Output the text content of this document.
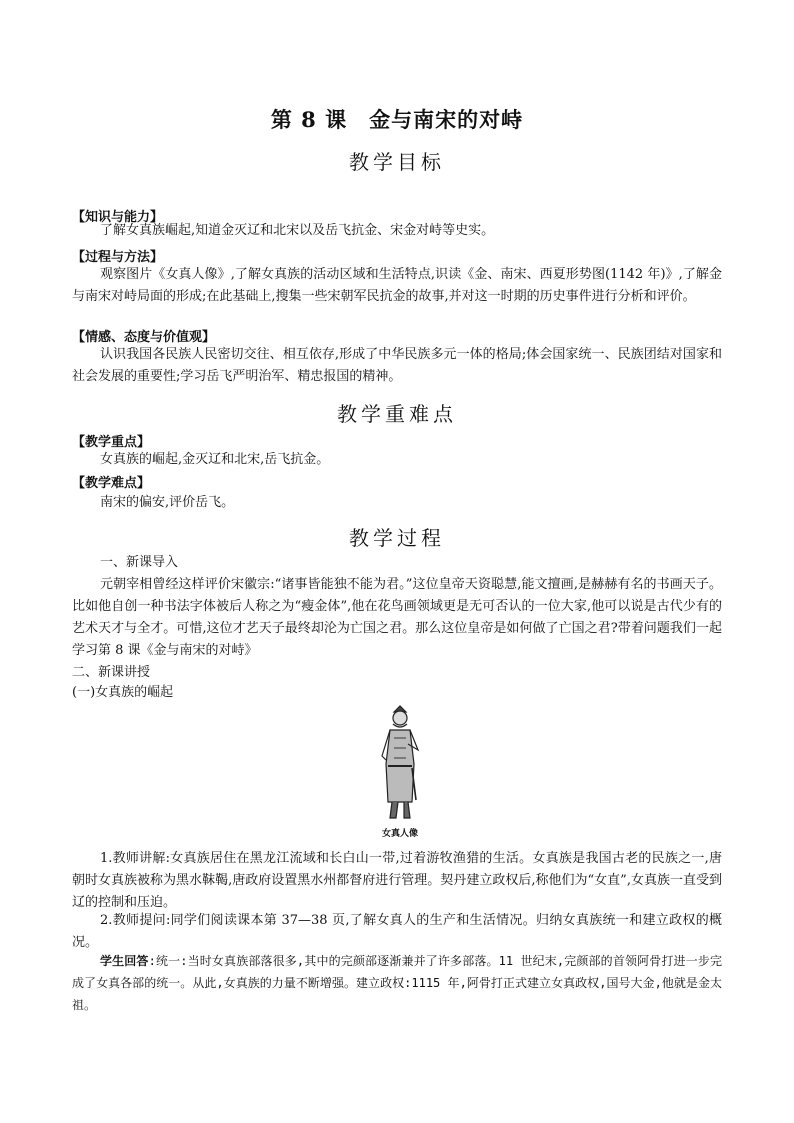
第 8 课　金与南宋的对峙
教学目标
【知识与能力】
了解女真族崛起,知道金灭辽和北宋以及岳飞抗金、宋金对峙等史实。
【过程与方法】
观察图片《女真人像》,了解女真族的活动区域和生活特点,识读《金、南宋、西夏形势图(1142 年)》,了解金与南宋对峙局面的形成;在此基础上,搜集一些宋朝军民抗金的故事,并对这一时期的历史事件进行分析和评价。
【情感、态度与价值观】
认识我国各民族人民密切交往、相互依存,形成了中华民族多元一体的格局;体会国家统一、民族团结对国家和社会发展的重要性;学习岳飞严明治军、精忠报国的精神。
教学重难点
【教学重点】
女真族的崛起,金灭辽和北宋,岳飞抗金。
【教学难点】
南宋的偏安,评价岳飞。
教学过程
一、新课导入
元朝宰相曾经这样评价宋徽宗:“诸事皆能独不能为君。”这位皇帝天资聪慧,能文擅画,是赫赫有名的书画天子。比如他自创一种书法字体被后人称之为“瘦金体”,他在花鸟画领域更是无可否认的一位大家,他可以说是古代少有的艺术天才与全才。可惜,这位才艺天子最终却沦为亡国之君。那么这位皇帝是如何做了亡国之君?带着问题我们一起学习第 8 课《金与南宋的对峙》
二、新课讲授
(一)女真族的崛起
女真人像
1.教师讲解:女真族居住在黑龙江流域和长白山一带,过着游牧渔猎的生活。女真族是我国古老的民族之一,唐朝时女真族被称为黑水靺鞨,唐政府设置黑水州都督府进行管理。契丹建立政权后,称他们为“女直”,女真族一直受到辽的控制和压迫。
2.教师提问:同学们阅读课本第 37—38 页,了解女真人的生产和生活情况。归纳女真族统一和建立政权的概况。
学生回答:统一:当时女真族部落很多,其中的完颜部逐渐兼并了许多部落。11 世纪末,完颜部的首领阿骨打进一步完成了女真各部的统一。从此,女真族的力量不断增强。建立政权:1115 年,阿骨打正式建立女真政权,国号大金,他就是金太祖。
